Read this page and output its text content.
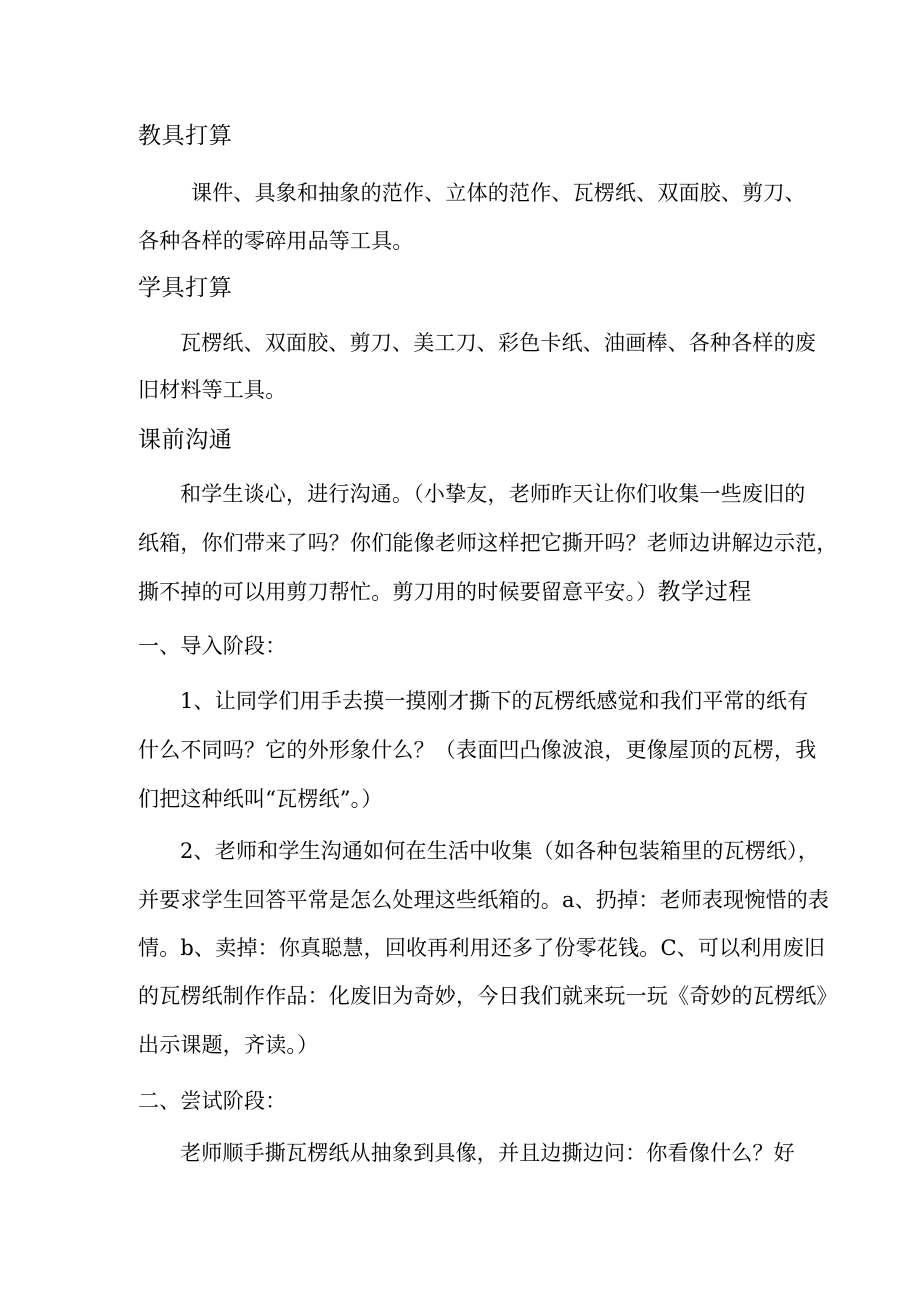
教具打算
课件、具象和抽象的范作、立体的范作、瓦楞纸、双面胶、剪刀、
各种各样的零碎用品等工具。
学具打算
瓦楞纸、双面胶、剪刀、美工刀、彩色卡纸、油画棒、各种各样的废
旧材料等工具。
课前沟通
和学生谈心，进行沟通。（小挚友，老师昨天让你们收集一些废旧的
纸箱，你们带来了吗？你们能像老师这样把它撕开吗？老师边讲解边示范，
撕不掉的可以用剪刀帮忙。剪刀用的时候要留意平安。）教学过程
一、导入阶段：
1、让同学们用手去摸一摸刚才撕下的瓦楞纸感觉和我们平常的纸有
什么不同吗？它的外形象什么？（表面凹凸像波浪，更像屋顶的瓦楞，我
们把这种纸叫“瓦楞纸”。）
2、老师和学生沟通如何在生活中收集（如各种包装箱里的瓦楞纸），
并要求学生回答平常是怎么处理这些纸箱的。a、扔掉：老师表现惋惜的表
情。b、卖掉：你真聪慧，回收再利用还多了份零花钱。C、可以利用废旧
的瓦楞纸制作作品：化废旧为奇妙，今日我们就来玩一玩《奇妙的瓦楞纸》
出示课题，齐读。）
二、尝试阶段：
老师顺手撕瓦楞纸从抽象到具像，并且边撕边问：你看像什么？好
